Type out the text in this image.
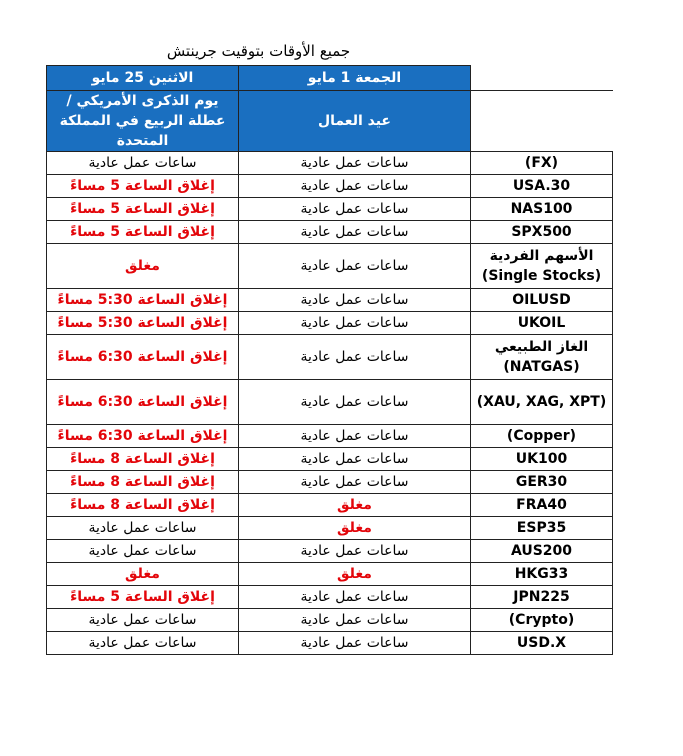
جميع الأوقات بتوقيت جرينتش
الاثنين 25 مايو	الجمعة 1 مايو	
يوم الذكرى الأمريكي / عطلة الربيع في المملكة المتحدة	عيد العمال	
ساعات عمل عادية	ساعات عمل عادية	(FX)
إغلاق الساعة 5 مساءً	ساعات عمل عادية	USA.30
إغلاق الساعة 5 مساءً	ساعات عمل عادية	NAS100
إغلاق الساعة 5 مساءً	ساعات عمل عادية	SPX500
مغلق	ساعات عمل عادية	الأسهم الفردية (Single Stocks)
إغلاق الساعة 5:30 مساءً	ساعات عمل عادية	OILUSD
إغلاق الساعة 5:30 مساءً	ساعات عمل عادية	UKOIL
إغلاق الساعة 6:30 مساءً	ساعات عمل عادية	الغاز الطبيعي (NATGAS)
إغلاق الساعة 6:30 مساءً	ساعات عمل عادية	(XAU, XAG, XPT)
إغلاق الساعة 6:30 مساءً	ساعات عمل عادية	(Copper)
إغلاق الساعة 8 مساءً	ساعات عمل عادية	UK100
إغلاق الساعة 8 مساءً	ساعات عمل عادية	GER30
إغلاق الساعة 8 مساءً	مغلق	FRA40
ساعات عمل عادية	مغلق	ESP35
ساعات عمل عادية	ساعات عمل عادية	AUS200
مغلق	مغلق	HKG33
إغلاق الساعة 5 مساءً	ساعات عمل عادية	JPN225
ساعات عمل عادية	ساعات عمل عادية	(Crypto)
ساعات عمل عادية	ساعات عمل عادية	USD.X
